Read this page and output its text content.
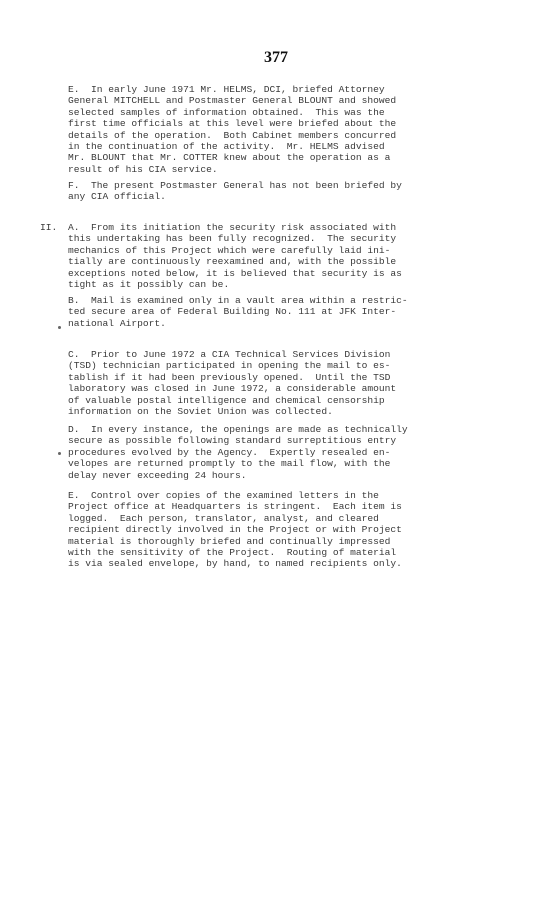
377
E.  In early June 1971 Mr. HELMS, DCI, briefed Attorney
General MITCHELL and Postmaster General BLOUNT and showed
selected samples of information obtained.  This was the
first time officials at this level were briefed about the
details of the operation.  Both Cabinet members concurred
in the continuation of the activity.  Mr. HELMS advised
Mr. BLOUNT that Mr. COTTER knew about the operation as a
result of his CIA service.
F.  The present Postmaster General has not been briefed by
any CIA official.
II. A.  From its initiation the security risk associated with
this undertaking has been fully recognized.  The security
mechanics of this Project which were carefully laid ini-
tially are continuously reexamined and, with the possible
exceptions noted below, it is believed that security is as
tight as it possibly can be.
B.  Mail is examined only in a vault area within a restric-
ted secure area of Federal Building No. 111 at JFK Inter-
national Airport.
C.  Prior to June 1972 a CIA Technical Services Division
(TSD) technician participated in opening the mail to es-
tablish if it had been previously opened.  Until the TSD
laboratory was closed in June 1972, a considerable amount
of valuable postal intelligence and chemical censorship
information on the Soviet Union was collected.
D.  In every instance, the openings are made as technically
secure as possible following standard surreptitious entry
procedures evolved by the Agency.  Expertly resealed en-
velopes are returned promptly to the mail flow, with the
delay never exceeding 24 hours.
E.  Control over copies of the examined letters in the
Project office at Headquarters is stringent.  Each item is
logged.  Each person, translator, analyst, and cleared
recipient directly involved in the Project or with Project
material is thoroughly briefed and continually impressed
with the sensitivity of the Project.  Routing of material
is via sealed envelope, by hand, to named recipients only.
